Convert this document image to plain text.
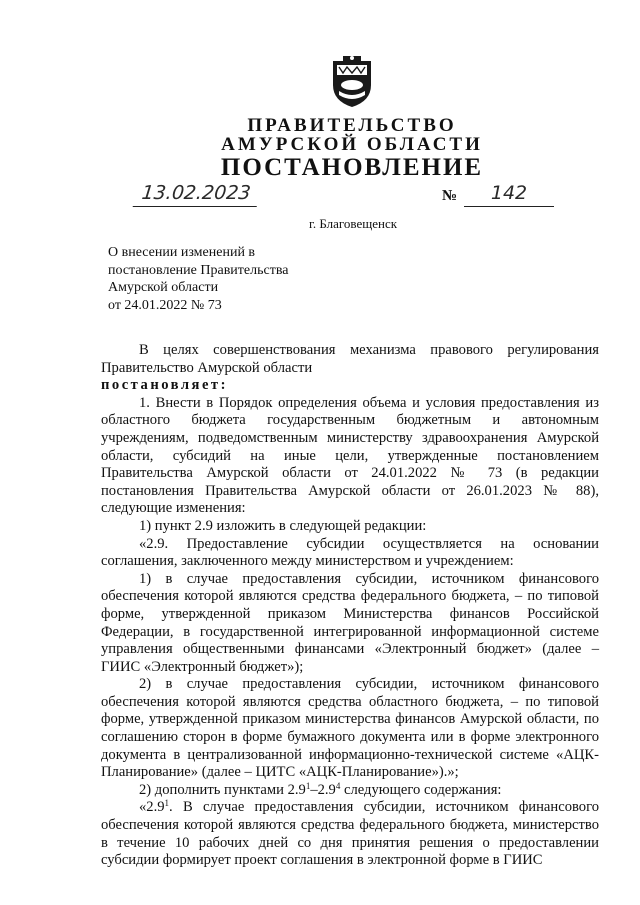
ПРАВИТЕЛЬСТВО
АМУРСКОЙ ОБЛАСТИ
ПОСТАНОВЛЕНИЕ
13.02.2023	№	142
г. Благовещенск
О внесении изменений в
постановление Правительства
Амурской области
от 24.01.2022 № 73

В целях совершенствования механизма правового регулирования Правительство Амурской области

постановляет:

1. Внести в Порядок определения объема и условия предоставления из областного бюджета государственным бюджетным и автономным учреждениям, подведомственным министерству здравоохранения Амурской области, субсидий на иные цели, утвержденные постановлением Правительства Амурской области от 24.01.2022 № 73 (в редакции постановления Правительства Амурской области от 26.01.2023 № 88), следующие изменения:

1) пункт 2.9 изложить в следующей редакции:

«2.9. Предоставление субсидии осуществляется на основании соглашения, заключенного между министерством и учреждением:

1) в случае предоставления субсидии, источником финансового обеспечения которой являются средства федерального бюджета, – по типовой форме, утвержденной приказом Министерства финансов Российской Федерации, в государственной интегрированной информационной системе управления общественными финансами «Электронный бюджет» (далее – ГИИС «Электронный бюджет»);

2) в случае предоставления субсидии, источником финансового обеспечения которой являются средства областного бюджета, – по типовой форме, утвержденной приказом министерства финансов Амурской области, по соглашению сторон в форме бумажного документа или в форме электронного документа в централизованной информационно-технической системе «АЦК-Планирование» (далее – ЦИТС «АЦК-Планирование»).»;

2) дополнить пунктами $2.9^1-2.9^4$ следующего содержания:

«$2.9^1$. В случае предоставления субсидии, источником финансового обеспечения которой являются средства федерального бюджета, министерство в течение 10 рабочих дней со дня принятия решения о предоставлении субсидии формирует проект соглашения в электронной форме в ГИИС
